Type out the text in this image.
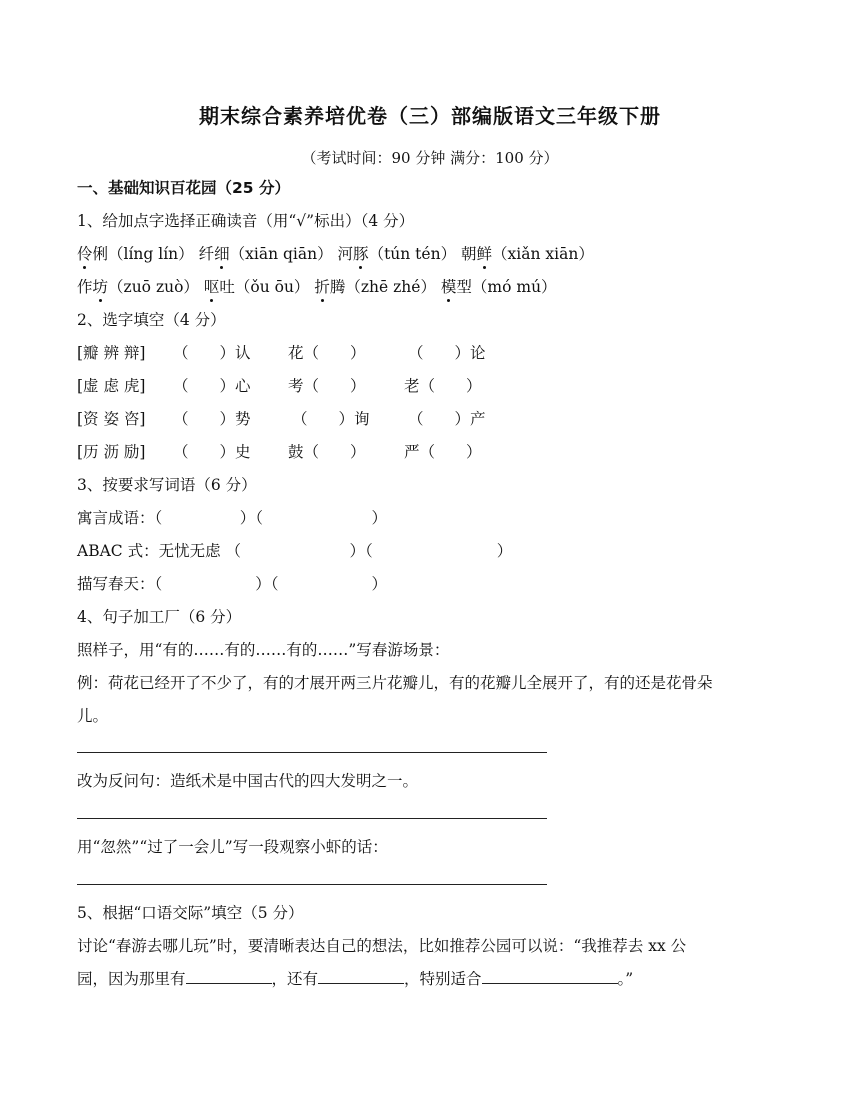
期末综合素养培优卷（三）部编版语文三年级下册
（考试时间：90 分钟 满分：100 分）
一、基础知识百花园（25 分）
1、给加点字选择正确读音（用“√”标出）（4 分）
伶俐（líng lín） 纤细（xiān qiān） 河豚（tún tén） 朝鲜（xiǎn xiān）
作坊（zuō zuò） 呕吐（ǒu ōu） 折腾（zhē zhé） 模型（mó mú）
2、选字填空（4 分）
[瓣 辨 辩] （　　）认 花（　　）	（　　）论
[虚 虑 虎] （　　）心 考（　　） 老（　　）
[资 姿 咨] （　　）势	（　　）询 （　　）产
[历 沥 励] （　　）史 鼓（　　） 严（　　）
3、按要求写词语（6 分）
寓言成语：（　　　　　）（　　　　　　　）
ABAC 式：无忧无虑 （　　　　　　　）（　　　　　　　　）
描写春天：（　　　　　　）（　　　　　　）
4、句子加工厂（6 分）
照样子，用“有的……有的……有的……”写春游场景：
例：荷花已经开了不少了，有的才展开两三片花瓣儿，有的花瓣儿全展开了，有的还是花骨朵
儿。
改为反问句：造纸术是中国古代的四大发明之一。
用“忽然”“过了一会儿”写一段观察小虾的话：
5、根据“口语交际”填空（5 分）
讨论“春游去哪儿玩”时，要清晰表达自己的想法，比如推荐公园可以说：“我推荐去 xx 公
园，因为那里有	，还有	，特别适合	。”
